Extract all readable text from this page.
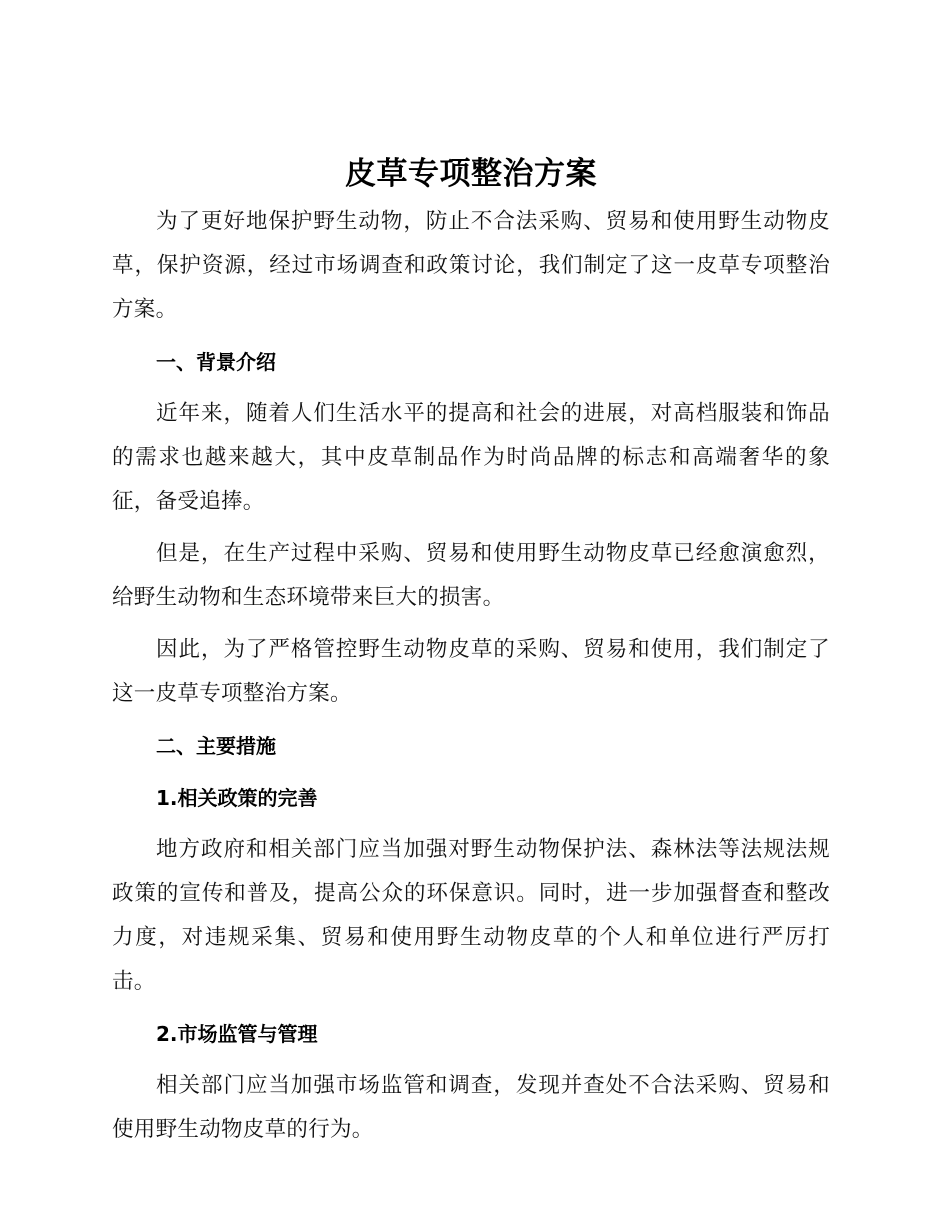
皮草专项整治方案

为了更好地保护野生动物，防止不合法采购、贸易和使用野生动物皮草，保护资源，经过市场调查和政策讨论，我们制定了这一皮草专项整治方案。

一、背景介绍

近年来，随着人们生活水平的提高和社会的进展，对高档服装和饰品的需求也越来越大，其中皮草制品作为时尚品牌的标志和高端奢华的象征，备受追捧。

但是，在生产过程中采购、贸易和使用野生动物皮草已经愈演愈烈，给野生动物和生态环境带来巨大的损害。

因此，为了严格管控野生动物皮草的采购、贸易和使用，我们制定了这一皮草专项整治方案。

二、主要措施
1.相关政策的完善

地方政府和相关部门应当加强对野生动物保护法、森林法等法规法规政策的宣传和普及，提高公众的环保意识。同时，进一步加强督查和整改力度，对违规采集、贸易和使用野生动物皮草的个人和单位进行严厉打击。

2.市场监管与管理

相关部门应当加强市场监管和调查，发现并查处不合法采购、贸易和使用野生动物皮草的行为。
